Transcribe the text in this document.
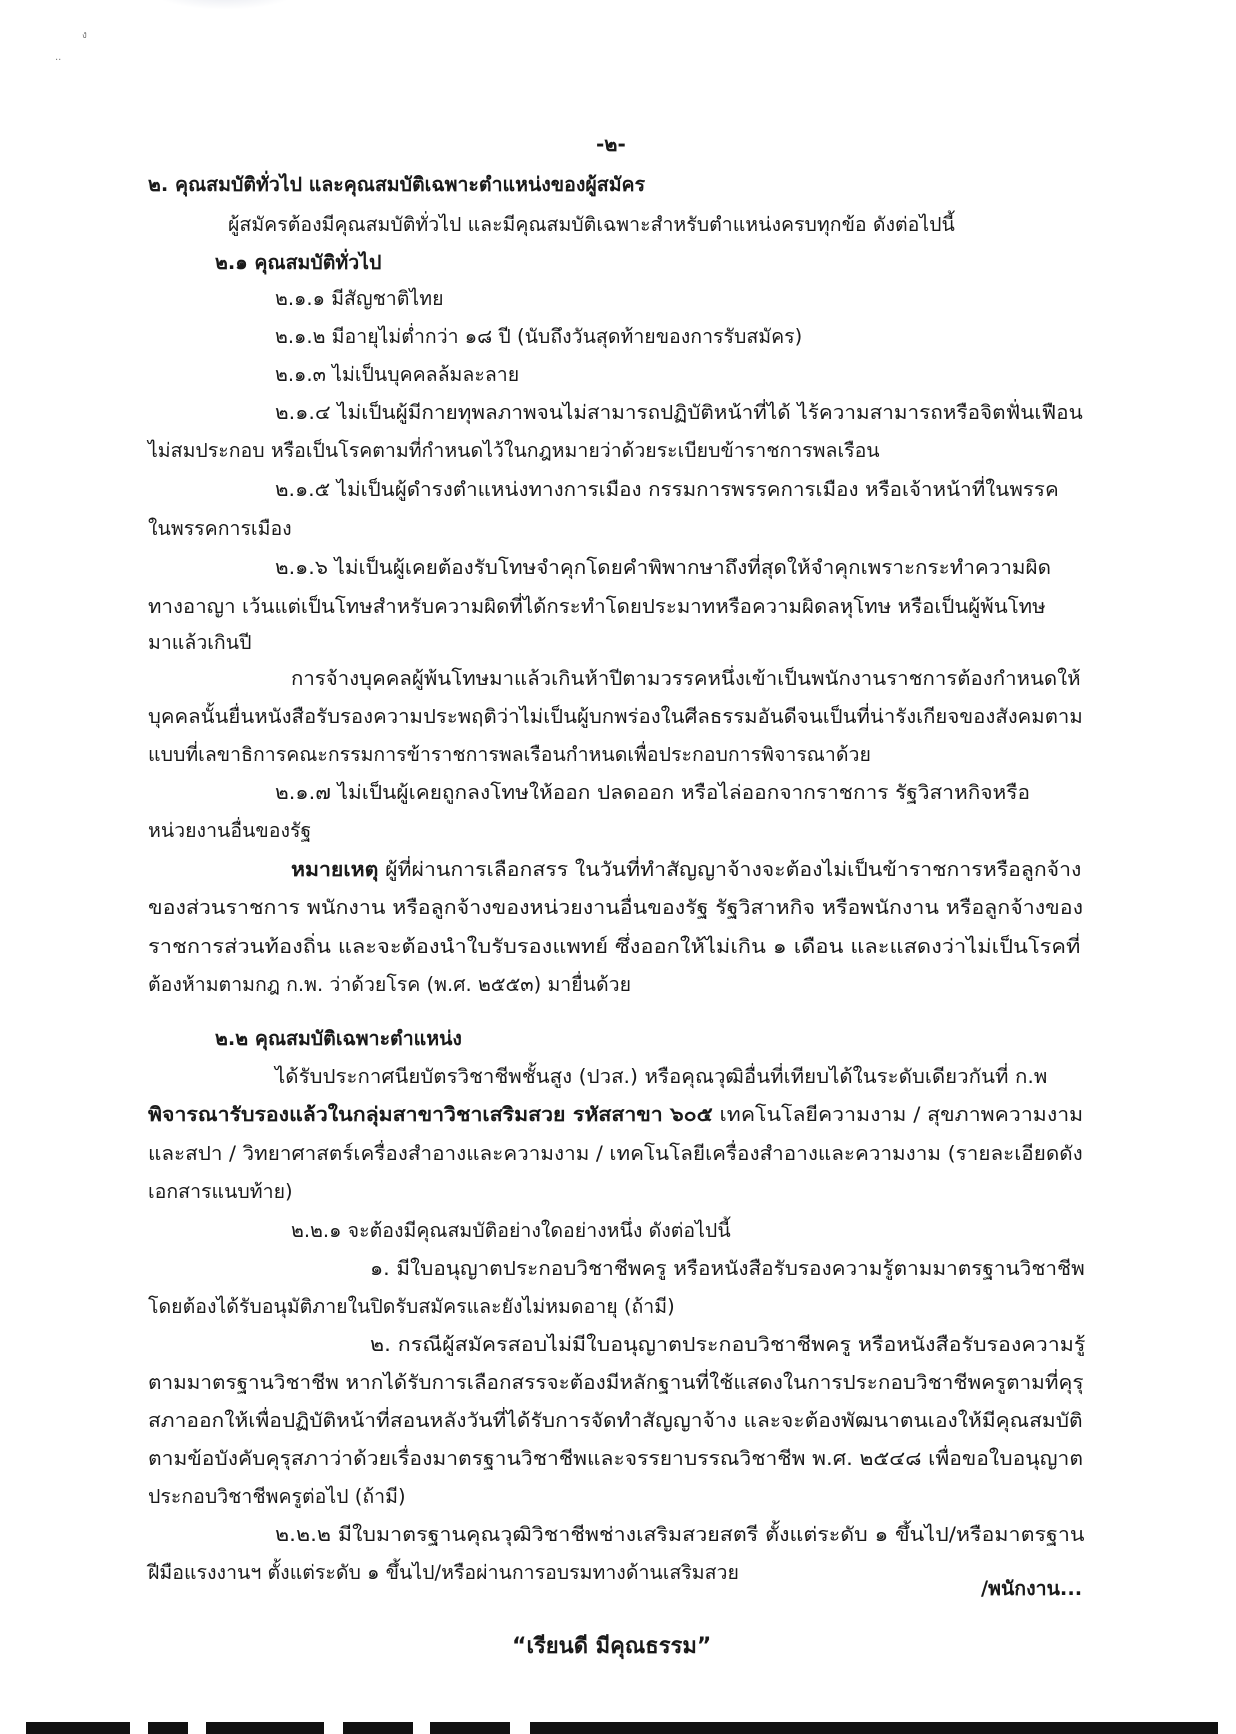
ง
··
-๒-
๒. คุณสมบัติทั่วไป และคุณสมบัติเฉพาะตำแหน่งของผู้สมัคร
ผู้สมัครต้องมีคุณสมบัติทั่วไป และมีคุณสมบัติเฉพาะสำหรับตำแหน่งครบทุกข้อ ดังต่อไปนี้
๒.๑ คุณสมบัติทั่วไป
๒.๑.๑ มีสัญชาติไทย
๒.๑.๒ มีอายุไม่ต่ำกว่า ๑๘ ปี (นับถึงวันสุดท้ายของการรับสมัคร)
๒.๑.๓ ไม่เป็นบุคคลล้มละลาย
๒.๑.๔ ไม่เป็นผู้มีกายทุพลภาพจนไม่สามารถปฏิบัติหน้าที่ได้ ไร้ความสามารถหรือจิตฟั่นเฟือน
ไม่สมประกอบ หรือเป็นโรคตามที่กำหนดไว้ในกฎหมายว่าด้วยระเบียบข้าราชการพลเรือน
๒.๑.๕ ไม่เป็นผู้ดำรงตำแหน่งทางการเมือง กรรมการพรรคการเมือง หรือเจ้าหน้าที่ในพรรค
ในพรรคการเมือง
๒.๑.๖ ไม่เป็นผู้เคยต้องรับโทษจำคุกโดยคำพิพากษาถึงที่สุดให้จำคุกเพราะกระทำความผิด
ทางอาญา เว้นแต่เป็นโทษสำหรับความผิดที่ได้กระทำโดยประมาทหรือความผิดลหุโทษ หรือเป็นผู้พ้นโทษ
มาแล้วเกินปี
การจ้างบุคคลผู้พ้นโทษมาแล้วเกินห้าปีตามวรรคหนึ่งเข้าเป็นพนักงานราชการต้องกำหนดให้
บุคคลนั้นยื่นหนังสือรับรองความประพฤติว่าไม่เป็นผู้บกพร่องในศีลธรรมอันดีจนเป็นที่น่ารังเกียจของสังคมตาม
แบบที่เลขาธิการคณะกรรมการข้าราชการพลเรือนกำหนดเพื่อประกอบการพิจารณาด้วย
๒.๑.๗ ไม่เป็นผู้เคยถูกลงโทษให้ออก ปลดออก หรือไล่ออกจากราชการ รัฐวิสาหกิจหรือ
หน่วยงานอื่นของรัฐ
หมายเหตุ ผู้ที่ผ่านการเลือกสรร ในวันที่ทำสัญญาจ้างจะต้องไม่เป็นข้าราชการหรือลูกจ้าง
ของส่วนราชการ พนักงาน หรือลูกจ้างของหน่วยงานอื่นของรัฐ รัฐวิสาหกิจ หรือพนักงาน หรือลูกจ้างของ
ราชการส่วนท้องถิ่น และจะต้องนำใบรับรองแพทย์ ซึ่งออกให้ไม่เกิน ๑ เดือน และแสดงว่าไม่เป็นโรคที่
ต้องห้ามตามกฎ ก.พ. ว่าด้วยโรค (พ.ศ. ๒๕๕๓) มายื่นด้วย
๒.๒ คุณสมบัติเฉพาะตำแหน่ง
ได้รับประกาศนียบัตรวิชาชีพชั้นสูง (ปวส.) หรือคุณวุฒิอื่นที่เทียบได้ในระดับเดียวกันที่ ก.พ
พิจารณารับรองแล้วในกลุ่มสาขาวิชาเสริมสวย รหัสสาขา ๖๐๕ เทคโนโลยีความงาม / สุขภาพความงาม
และสปา / วิทยาศาสตร์เครื่องสำอางและความงาม / เทคโนโลยีเครื่องสำอางและความงาม (รายละเอียดดัง
เอกสารแนบท้าย)
๒.๒.๑ จะต้องมีคุณสมบัติอย่างใดอย่างหนึ่ง ดังต่อไปนี้
๑. มีใบอนุญาตประกอบวิชาชีพครู หรือหนังสือรับรองความรู้ตามมาตรฐานวิชาชีพ
โดยต้องได้รับอนุมัติภายในปิดรับสมัครและยังไม่หมดอายุ (ถ้ามี)
๒. กรณีผู้สมัครสอบไม่มีใบอนุญาตประกอบวิชาชีพครู หรือหนังสือรับรองความรู้
ตามมาตรฐานวิชาชีพ หากได้รับการเลือกสรรจะต้องมีหลักฐานที่ใช้แสดงในการประกอบวิชาชีพครูตามที่คุรุ
สภาออกให้เพื่อปฏิบัติหน้าที่สอนหลังวันที่ได้รับการจัดทำสัญญาจ้าง และจะต้องพัฒนาตนเองให้มีคุณสมบัติ
ตามข้อบังคับคุรุสภาว่าด้วยเรื่องมาตรฐานวิชาชีพและจรรยาบรรณวิชาชีพ พ.ศ. ๒๕๔๘ เพื่อขอใบอนุญาต
ประกอบวิชาชีพครูต่อไป (ถ้ามี)
๒.๒.๒ มีใบมาตรฐานคุณวุฒิวิชาชีพช่างเสริมสวยสตรี ตั้งแต่ระดับ ๑ ขึ้นไป/หรือมาตรฐาน
ฝีมือแรงงานฯ ตั้งแต่ระดับ ๑ ขึ้นไป/หรือผ่านการอบรมทางด้านเสริมสวย
/พนักงาน...
“เรียนดี มีคุณธรรม”
